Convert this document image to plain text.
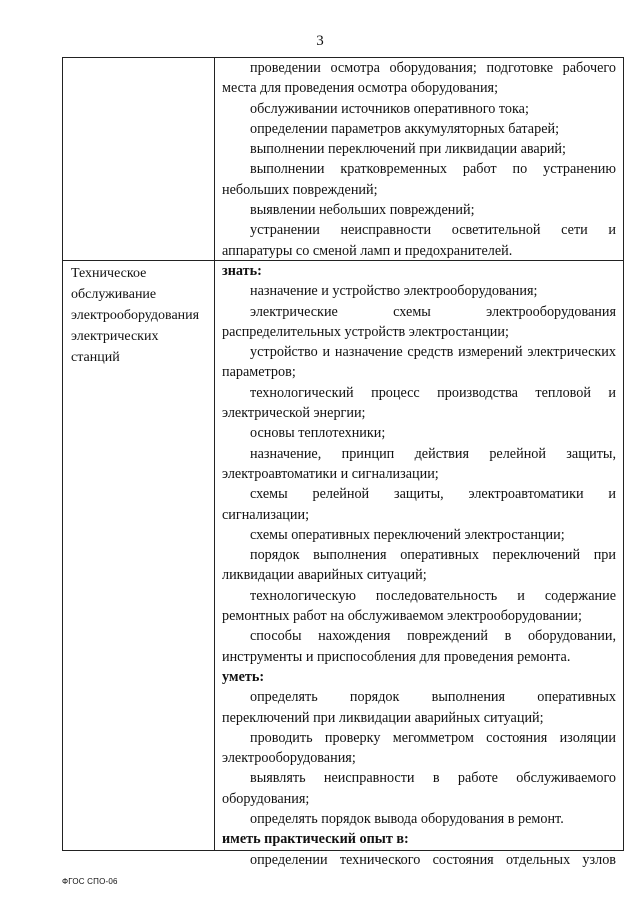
3

проведении осмотра оборудования; подготовке рабочего места для проведения осмотра оборудования;

обслуживании источников оперативного тока;

определении параметров аккумуляторных батарей;

выполнении переключений при ликвидации аварий;

выполнении кратковременных работ по устранению небольших повреждений;

выявлении небольших повреждений;

устранении неисправности осветительной сети и аппаратуры со сменой ламп и предохранителей.

Техническое
обслуживание
электрооборудования
электрических
станций

знать:

назначение и устройство электрооборудования;

электрические схемы электрооборудования распределительных устройств электростанции;

устройство и назначение средств измерений электрических параметров;

технологический процесс производства тепловой и электрической энергии;

основы теплотехники;

назначение, принцип действия релейной защиты, электроавтоматики и сигнализации;

схемы релейной защиты, электроавтоматики и сигнализации;

схемы оперативных переключений электростанции;

порядок выполнения оперативных переключений при ликвидации аварийных ситуаций;

технологическую последовательность и содержание ремонтных работ на обслуживаемом электрооборудовании;

способы нахождения повреждений в оборудовании, инструменты и приспособления для проведения ремонта.

уметь:

определять порядок выполнения оперативных переключений при ликвидации аварийных ситуаций;

проводить проверку мегомметром состояния изоляции электрооборудования;

выявлять неисправности в работе обслуживаемого оборудования;

определять порядок вывода оборудования в ремонт.

иметь практический опыт в:

определении технического состояния отдельных узлов

ФГОС СПО-06
